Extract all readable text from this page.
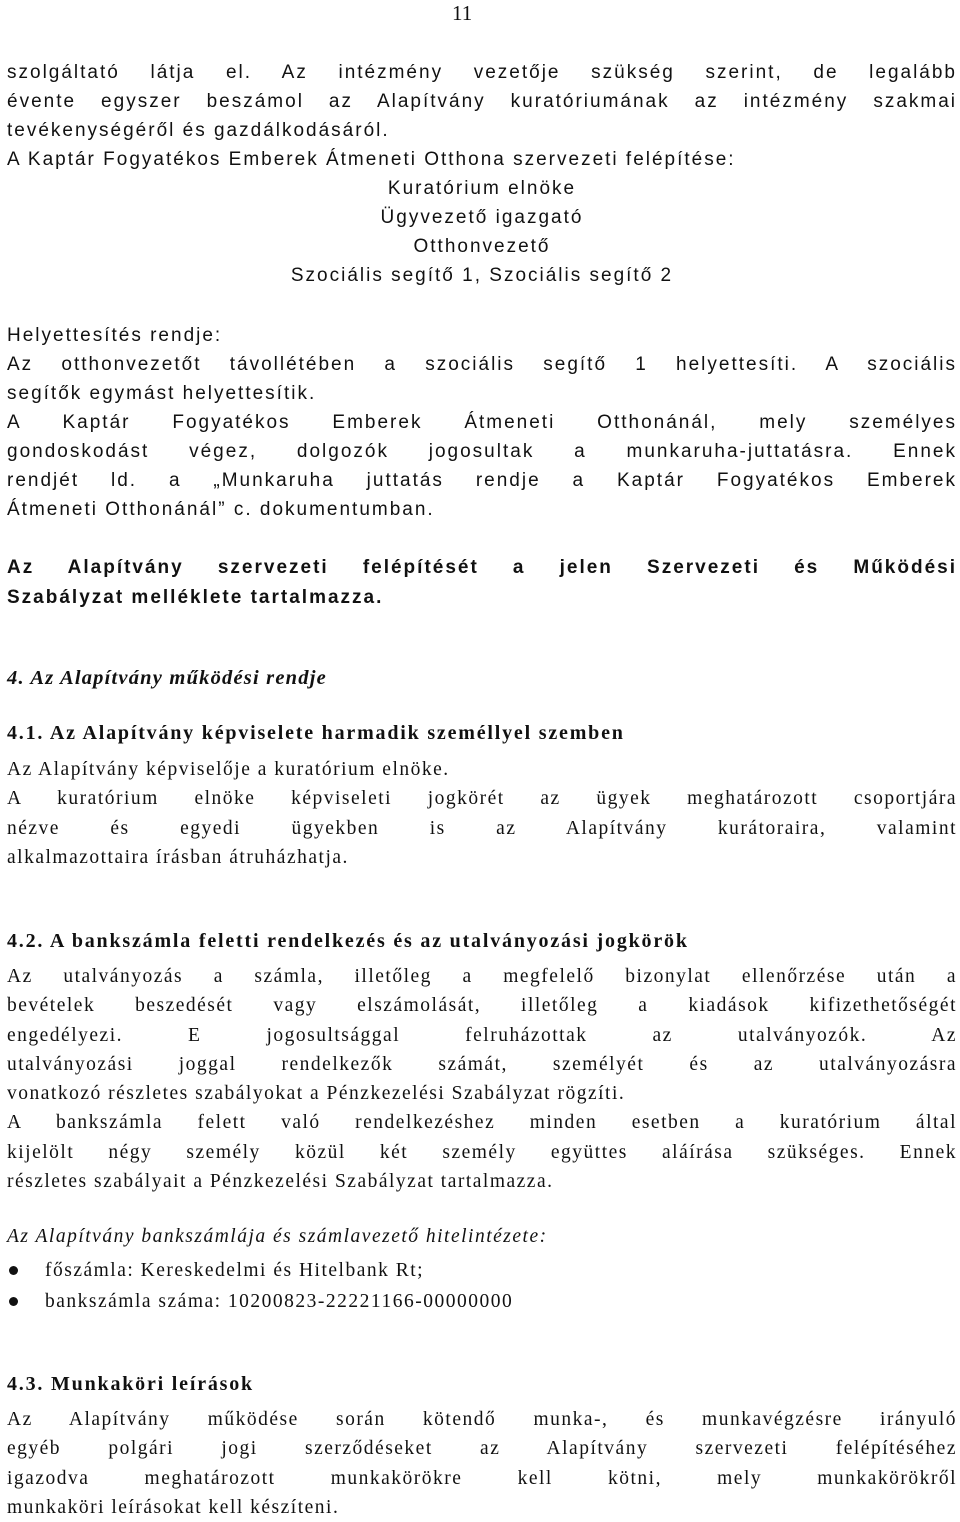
11
szolgáltató látja el. Az intézmény vezetője szükség szerint, de legalább
évente egyszer beszámol az Alapítvány kuratóriumának az intézmény szakmai
tevékenységéről és gazdálkodásáról.
A Kaptár Fogyatékos Emberek Átmeneti Otthona szervezeti felépítése:
Kuratórium elnöke
Ügyvezető igazgató
Otthonvezető
Szociális segítő 1, Szociális segítő 2
Helyettesítés rendje:
Az otthonvezetőt távollétében a szociális segítő 1 helyettesíti. A szociális
segítők egymást helyettesítik.
A Kaptár Fogyatékos Emberek Átmeneti Otthonánál, mely személyes
gondoskodást végez, dolgozók jogosultak a munkaruha-juttatásra. Ennek
rendjét ld. a „Munkaruha juttatás rendje a Kaptár Fogyatékos Emberek
Átmeneti Otthonánál” c. dokumentumban.
Az Alapítvány szervezeti felépítését a jelen Szervezeti és Működési
Szabályzat melléklete tartalmazza.
4. Az Alapítvány működési rendje
4.1. Az Alapítvány képviselete harmadik személlyel szemben
Az Alapítvány képviselője a kuratórium elnöke.
A kuratórium elnöke képviseleti jogkörét az ügyek meghatározott csoportjára
nézve és egyedi ügyekben is az Alapítvány kurátoraira, valamint
alkalmazottaira írásban átruházhatja.
4.2. A bankszámla feletti rendelkezés és az utalványozási jogkörök
Az utalványozás a számla, illetőleg a megfelelő bizonylat ellenőrzése után a
bevételek beszedését vagy elszámolását, illetőleg a kiadások kifizethetőségét
engedélyezi. E jogosultsággal felruházottak az utalványozók. Az
utalványozási joggal rendelkezők számát, személyét és az utalványozásra
vonatkozó részletes szabályokat a Pénzkezelési Szabályzat rögzíti.
A bankszámla felett való rendelkezéshez minden esetben a kuratórium által
kijelölt négy személy közül két személy együttes aláírása szükséges. Ennek
részletes szabályait a Pénzkezelési Szabályzat tartalmazza.
Az Alapítvány bankszámlája és számlavezető hitelintézete:
főszámla: Kereskedelmi és Hitelbank Rt;
bankszámla száma: 10200823-22221166-00000000
4.3. Munkaköri leírások
Az Alapítvány működése során kötendő munka-, és munkavégzésre irányuló
egyéb polgári jogi szerződéseket az Alapítvány szervezeti felépítéséhez
igazodva meghatározott munkakörökre kell kötni, mely munkakörökről
munkaköri leírásokat kell készíteni.
